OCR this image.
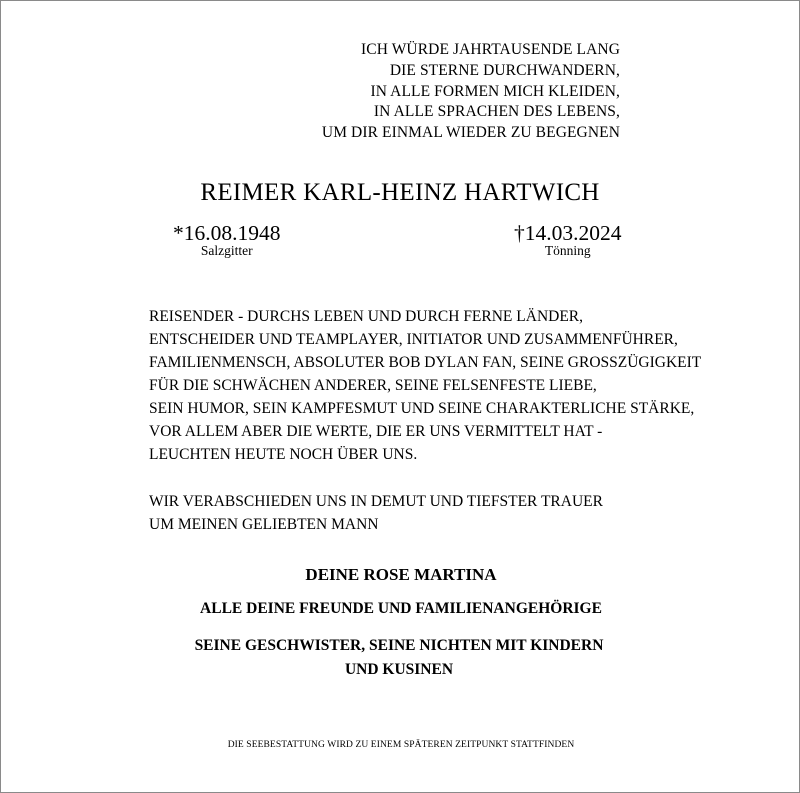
ICH WÜRDE JAHRTAUSENDE LANG
DIE STERNE DURCHWANDERN,
IN ALLE FORMEN MICH KLEIDEN,
IN ALLE SPRACHEN DES LEBENS,
UM DIR EINMAL WIEDER ZU BEGEGNEN
REIMER KARL-HEINZ HARTWICH
*16.08.1948
Salzgitter
†14.03.2024
Tönning
REISENDER - DURCHS LEBEN UND DURCH FERNE LÄNDER,
ENTSCHEIDER UND TEAMPLAYER, INITIATOR UND ZUSAMMENFÜHRER,
FAMILIENMENSCH, ABSOLUTER BOB DYLAN FAN, SEINE GROSSZÜGIGKEIT
FÜR DIE SCHWÄCHEN ANDERER, SEINE FELSENFESTE LIEBE,
SEIN HUMOR, SEIN KAMPFESMUT UND SEINE CHARAKTERLICHE STÄRKE,
VOR ALLEM ABER DIE WERTE, DIE ER UNS VERMITTELT HAT -
LEUCHTEN HEUTE NOCH ÜBER UNS.
WIR VERABSCHIEDEN UNS IN DEMUT UND TIEFSTER TRAUER
UM MEINEN GELIEBTEN MANN
DEINE ROSE MARTINA
ALLE DEINE FREUNDE UND FAMILIENANGEHÖRIGE
SEINE GESCHWISTER, SEINE NICHTEN MIT KINDERN
UND KUSINEN
DIE SEEBESTATTUNG WIRD ZU EINEM SPÄTEREN ZEITPUNKT STATTFINDEN
